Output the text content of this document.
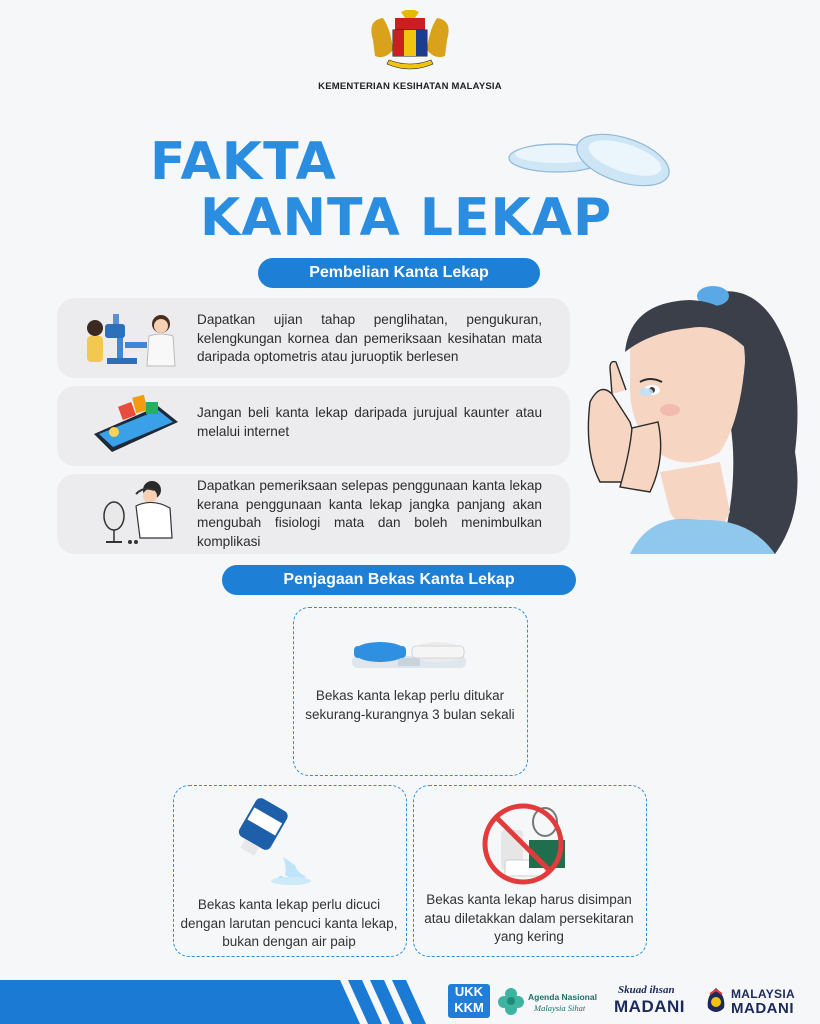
KEMENTERIAN KESIHATAN MALAYSIA
FAKTA
KANTA LEKAP
Pembelian Kanta Lekap
Dapatkan ujian tahap penglihatan, pengukuran, kelengkungan kornea dan pemeriksaan kesihatan mata daripada optometris atau juruoptik berlesen
Jangan beli kanta lekap daripada jurujual kaunter atau melalui internet
Dapatkan pemeriksaan selepas penggunaan kanta lekap kerana penggunaan kanta lekap jangka panjang akan mengubah fisiologi mata dan boleh menimbulkan komplikasi
Penjagaan Bekas Kanta Lekap
Bekas kanta lekap perlu ditukar sekurang-kurangnya 3 bulan sekali
Bekas kanta lekap perlu dicuci dengan larutan pencuci kanta lekap, bukan dengan air paip
Bekas kanta lekap harus disimpan atau diletakkan dalam persekitaran yang kering
UKK
KKM
Agenda Nasional
Malaysia Sihat
Skuad ihsan
MADANI
MALAYSIA
MADANI
